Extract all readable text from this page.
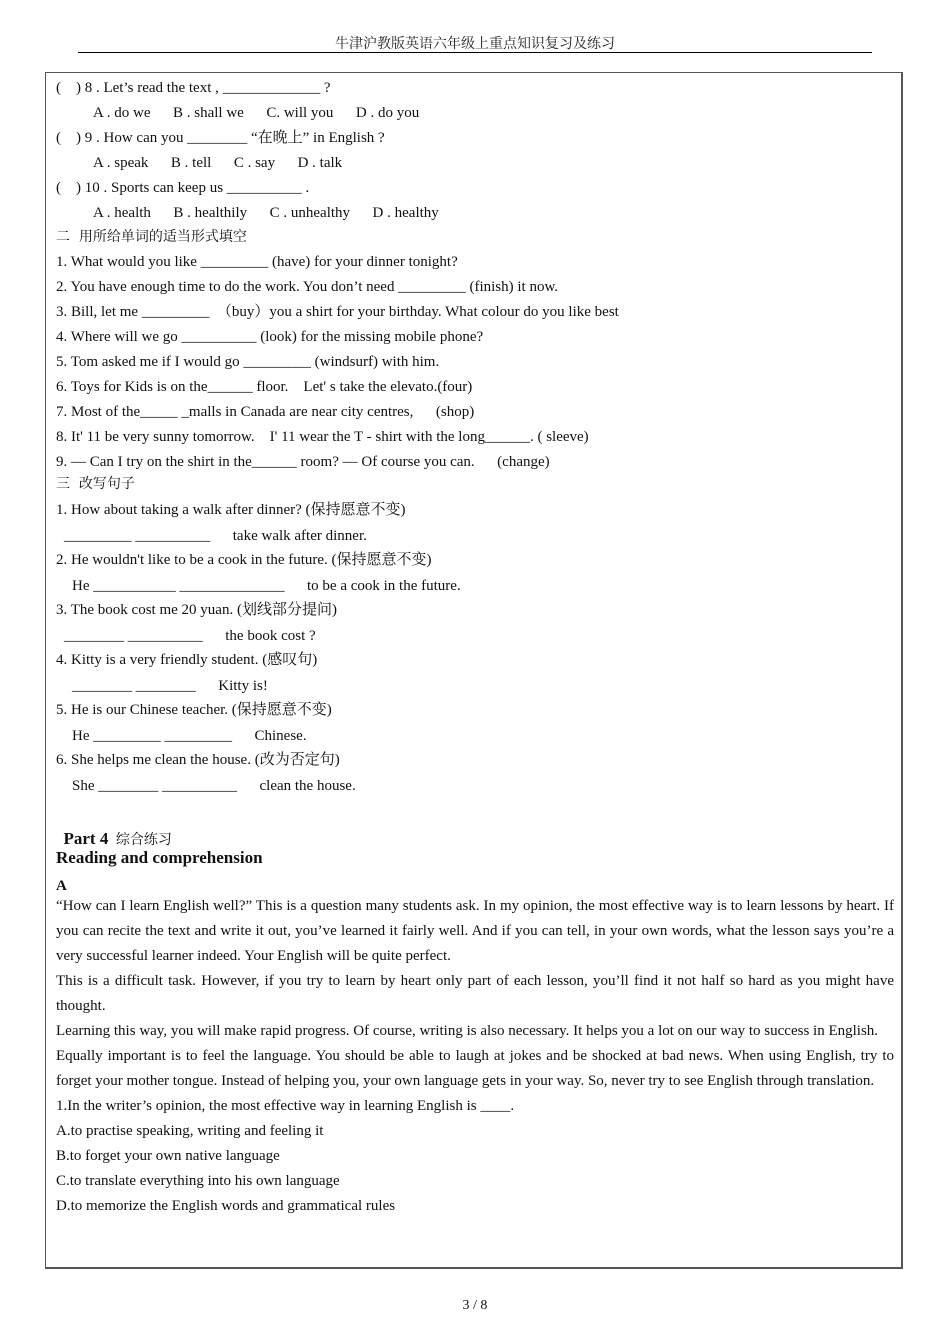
牛津沪教版英语六年级上重点知识复习及练习
(    ) 8 . Let’s read the text , _____________ ?
A . do we      B . shall we      C. will you      D . do you
(    ) 9 . How can you ________ “在晚上” in English ?
A . speak      B . tell      C . say      D . talk
(    ) 10 . Sports can keep us __________ .
A . health      B . healthily      C . unhealthy      D . healthy
二  用所给单词的适当形式填空
1. What would you like _________ (have) for your dinner tonight?
2. You have enough time to do the work. You don’t need _________ (finish) it now.
3. Bill, let me _________  （buy）you a shirt for your birthday. What colour do you like best
4. Where will we go __________ (look) for the missing mobile phone?
5. Tom asked me if I would go _________ (windsurf) with him.
6. Toys for Kids is on the______ floor.    Let' s take the elevato.(four)
7. Most of the_____ _malls in Canada are near city centres,      (shop)
8. It' 11 be very sunny tomorrow.    I' 11 wear the T - shirt with the long______. ( sleeve)
9. — Can I try on the shirt in the______ room? — Of course you can.      (change)
三  改写句子
1. How about taking a walk after dinner? (保持愿意不变)
_________ __________      take walk after dinner.
2. He wouldn't like to be a cook in the future. (保持愿意不变)
He ___________ ______________      to be a cook in the future.
3. The book cost me 20 yuan. (划线部分提问)
________ __________      the book cost ?
4. Kitty is a very friendly student. (感叹句)
________ ________      Kitty is!
5. He is our Chinese teacher. (保持愿意不变)
He _________ _________      Chinese.
6. She helps me clean the house. (改为否定句)
She ________ __________      clean the house.

Part 4 综合练习

Reading and comprehension
A
“How can I learn English well?” This is a question many students ask. In my opinion, the most effective way is to learn lessons by heart. If you can recite the text and write it out, you’ve learned it fairly well. And if you can tell, in your own words, what the lesson says you’re a very successful learner indeed. Your English will be quite perfect.
This is a difficult task. However, if you try to learn by heart only part of each lesson, you’ll find it not half so hard as you might have thought.
Learning this way, you will make rapid progress. Of course, writing is also necessary. It helps you a lot on our way to success in English.
Equally important is to feel the language. You should be able to laugh at jokes and be shocked at bad news. When using English, try to forget your mother tongue. Instead of helping you, your own language gets in your way. So, never try to see English through translation.
1.In the writer’s opinion, the most effective way in learning English is ____.
A.to practise speaking, writing and feeling it
B.to forget your own native language
C.to translate everything into his own language
D.to memorize the English words and grammatical rules
3 / 8
